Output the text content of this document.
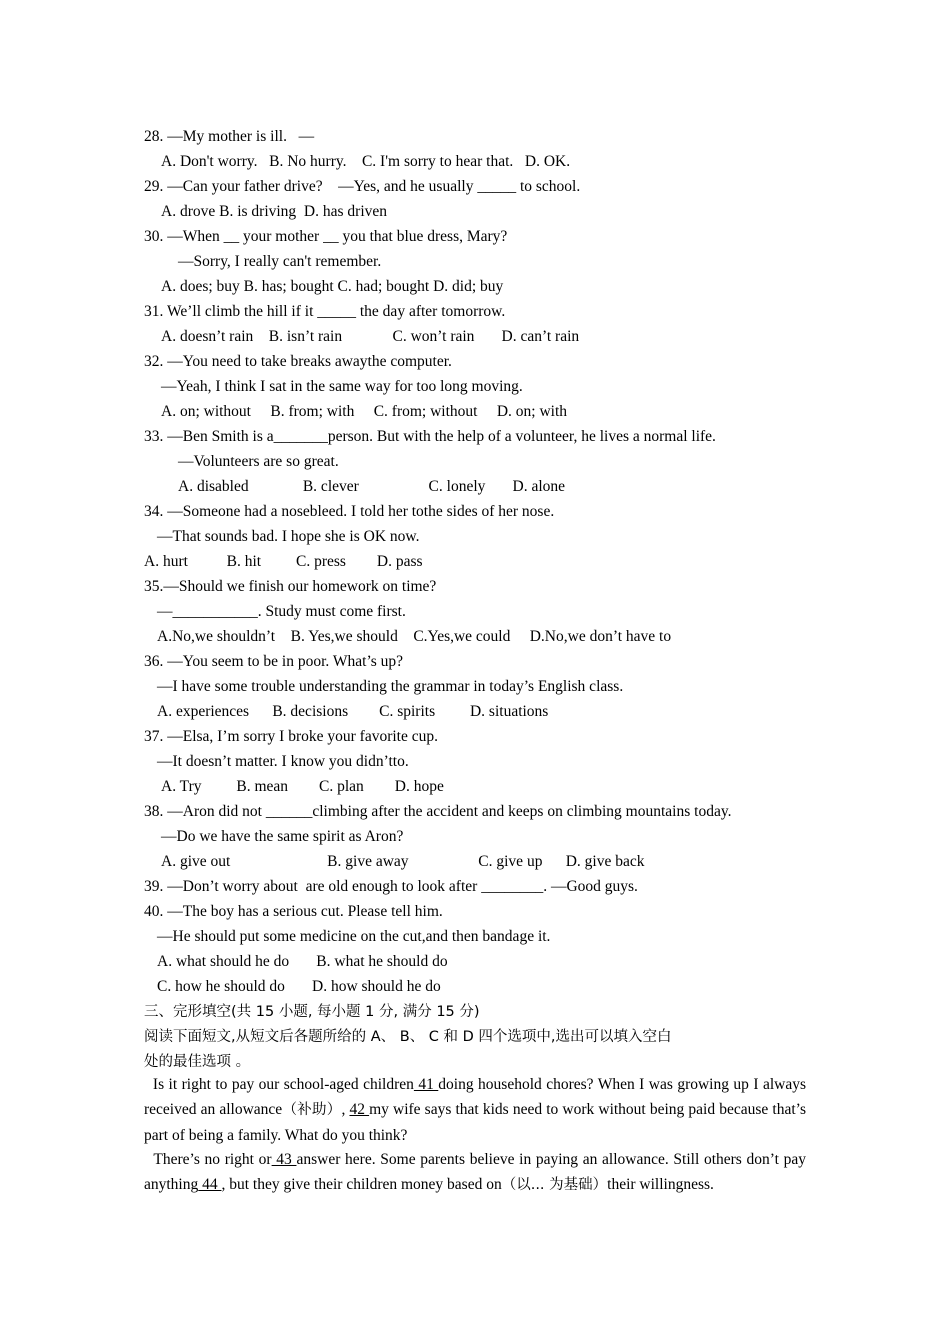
28. —My mother is ill.   —
A. Don't worry.   B. No hurry.    C. I'm sorry to hear that.   D. OK.
29. —Can your father drive?    —Yes, and he usually _____ to school.
A. drove B. is driving  D. has driven
30. —When __ your mother __ you that blue dress, Mary?
—Sorry, I really can't remember.
A. does; buy B. has; bought C. had; bought D. did; buy
31. We’ll climb the hill if it _____ the day after tomorrow.
A. doesn’t rain    B. isn’t rain             C. won’t rain       D. can’t rain
32. —You need to take breaks awaythe computer.
—Yeah, I think I sat in the same way for too long moving.
A. on; without     B. from; with     C. from; without     D. on; with
33. —Ben Smith is a_______person. But with the help of a volunteer, he lives a normal life.
—Volunteers are so great.
A. disabled              B. clever                  C. lonely       D. alone
34. —Someone had a nosebleed. I told her tothe sides of her nose.
—That sounds bad. I hope she is OK now.
A. hurt          B. hit         C. press        D. pass
35.—Should we finish our homework on time?
—___________. Study must come first.
A.No,we shouldn’t    B. Yes,we should    C.Yes,we could     D.No,we don’t have to
36. —You seem to be in poor. What’s up?
—I have some trouble understanding the grammar in today’s English class.
A. experiences      B. decisions        C. spirits         D. situations
37. —Elsa, I’m sorry I broke your favorite cup.
—It doesn’t matter. I know you didn’tto.
A. Try         B. mean        C. plan        D. hope
38. —Aron did not ______climbing after the accident and keeps on climbing mountains today.
—Do we have the same spirit as Aron?
A. give out                         B. give away                  C. give up      D. give back
39. —Don’t worry about  are old enough to look after ________. —Good guys.
40. —The boy has a serious cut. Please tell him.
—He should put some medicine on the cut,and then bandage it.
A. what should he do       B. what he should do
C. how he should do       D. how should he do
三、完形填空(共 15 小题, 每小题 1 分, 满分 15 分)
阅读下面短文,从短文后各题所给的 A、 B、 C 和 D 四个选项中,选出可以填入空白
处的最佳选项 。
Is it right to pay our school-aged children 41 doing household chores? When I was growing up I always received an allowance（补助）, 42 my wife says that kids need to work without being paid because that’s part of being a family. What do you think?
There’s no right or 43 answer here. Some parents believe in paying an allowance. Still others don’t pay anything 44 , but they give their children money based on（以... 为基础）their willingness.
